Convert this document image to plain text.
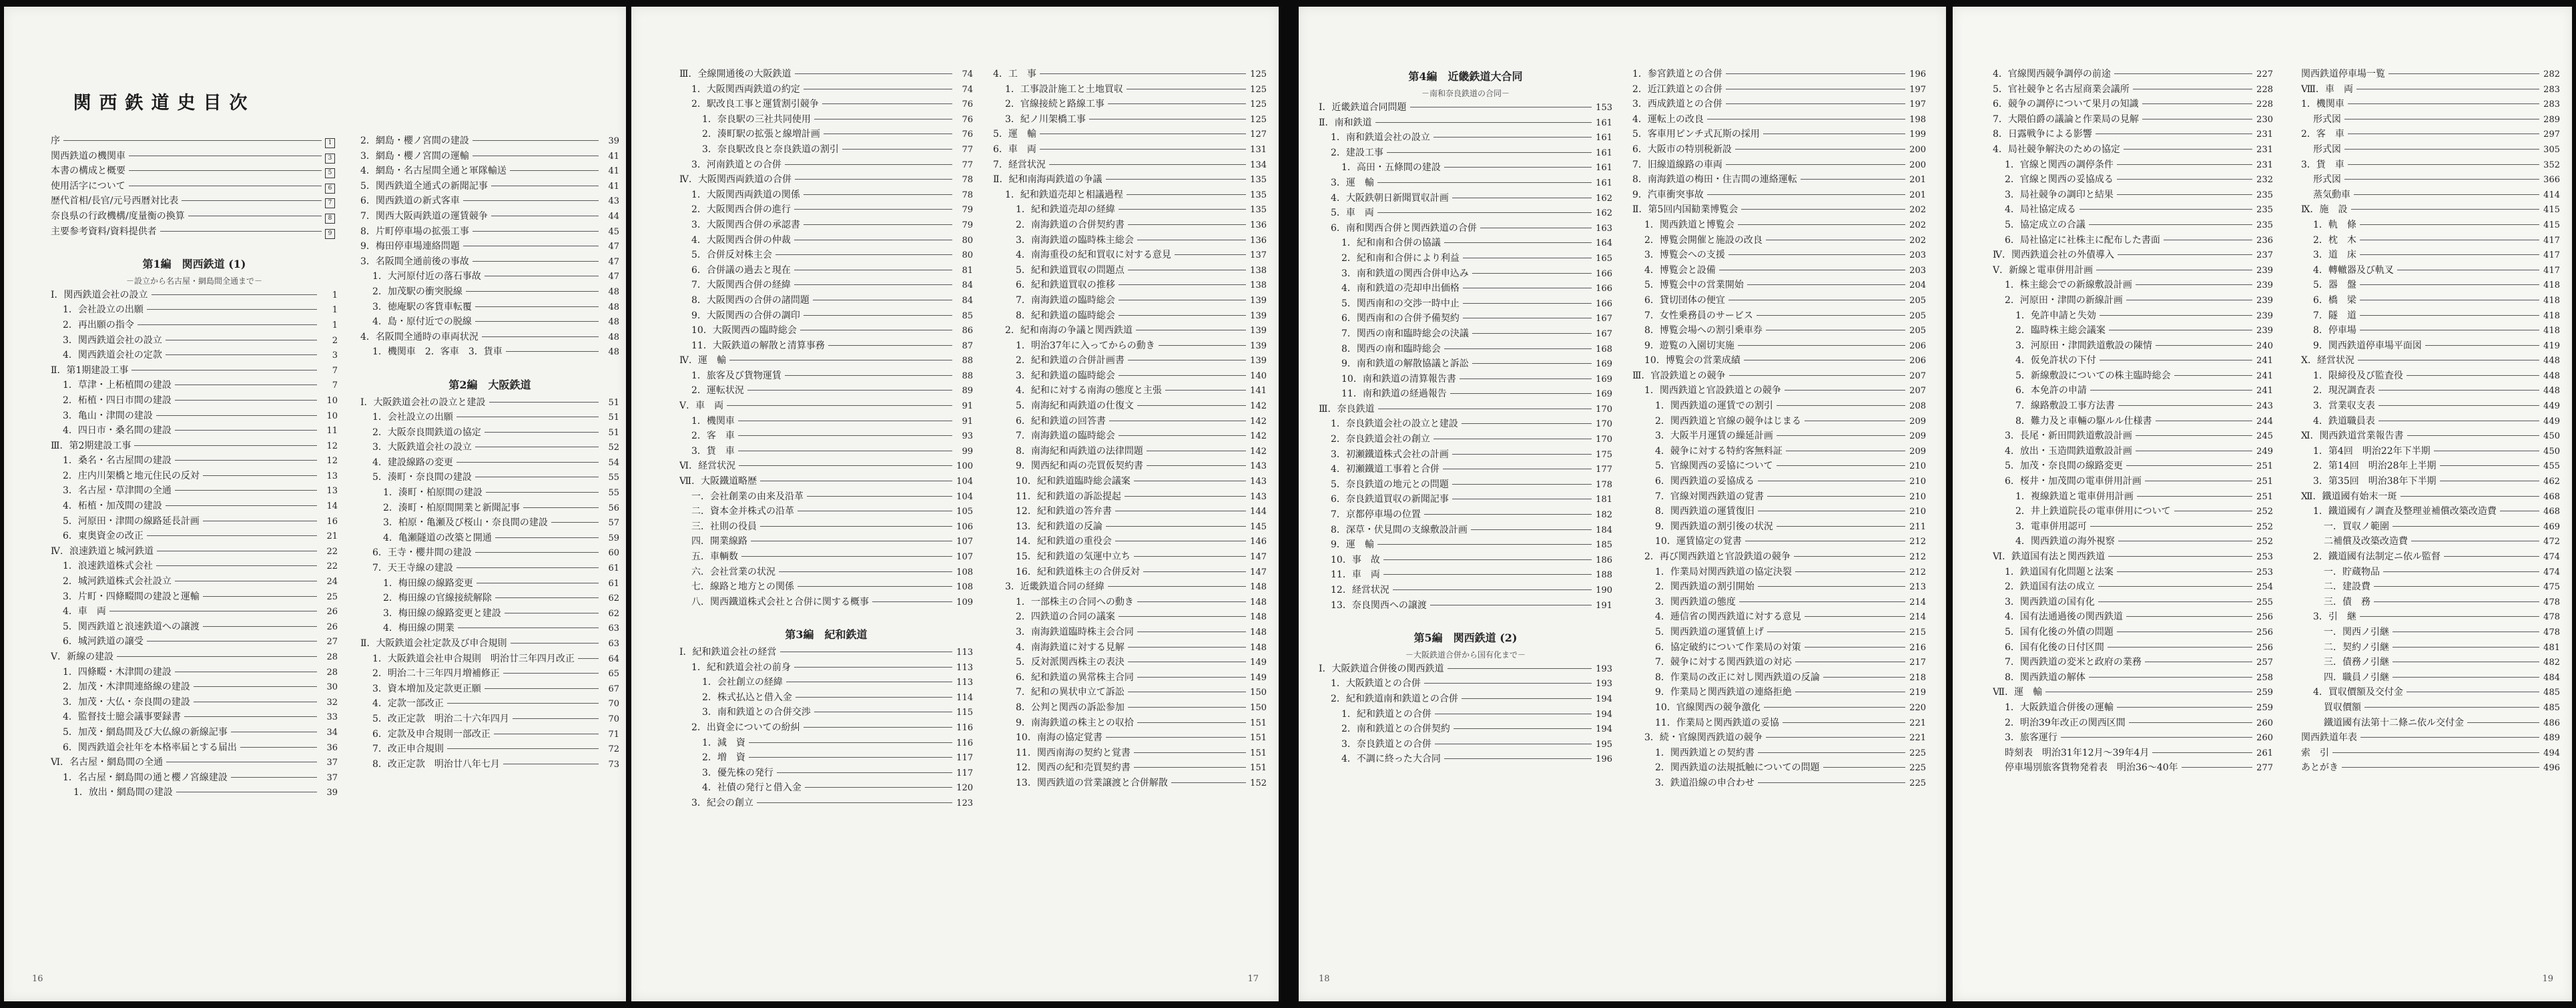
関西鉄道史目次
序	1
関西鉄道の機関車	3
本書の構成と概要	5
使用活字について	6
歴代首相/長官/元号西暦対比表	7
奈良県の行政機構/度量衡の換算	8
主要参考資料/資料提供者	9
第1編　関西鉄道 (1)
－設立から名古屋・網島間全通まで－
Ⅰ．関西鉄道会社の設立	1
1．会社設立の出願	1
2．再出願の指令	1
3．関西鉄道会社の設立	2
4．関西鉄道会社の定款	3
Ⅱ．第1期建設工事	7
1．草津・上柘植間の建設	7
2．柘植・四日市間の建設	10
3．亀山・津間の建設	10
4．四日市・桑名間の建設	11
Ⅲ．第2期建設工事	12
1．桑名・名古屋間の建設	12
2．庄内川架橋と地元住民の反対	13
3．名古屋・草津間の全通	13
4．柘植・加茂間の建設	14
5．河原田・津間の線路延長計画	16
6．東奥資金の改正	21
Ⅳ．浪速鉄道と城河鉄道	22
1．浪速鉄道株式会社	22
2．城河鉄道株式会社設立	24
3．片町・四條畷間の建設と運輸	25
4．車　両	26
5．関西鉄道と浪速鉄道への譲渡	26
6．城河鉄道の譲受	27
Ⅴ．新線の建設	28
1．四條畷・木津間の建設	28
2．加茂・木津間連絡線の建設	30
3．加茂・大仏・奈良間の建設	32
4．監督技士臆会議事要録書	33
5．加茂・網島間及び大仏線の新線記事	34
6．関西鉄道会社年を本格率届とする届出	36
Ⅵ．名古屋・網島間の全通	37
1．名古屋・網島間の通と櫻ノ宮線建設	37
1．放出・網島間の建設	39
2．網島・櫻ノ宮間の建設	39
3．網島・櫻ノ宮間の運輸	41
4．網島・名古屋間全通と軍隊輸送	41
5．関西鉄道全通式の新聞記事	41
6．関西鉄道の新式客車	43
7．関西大阪両鉄道の運賃競争	44
8．片町停車場の拡張工事	45
9．梅田停車場連絡問題	47
3．名阪間全通前後の事故	47
1．大河原付近の落石事故	47
2．加茂駅の衝突脱線	48
3．徳庵駅の客貨車転覆	48
4．島・原付近での脱線	48
4．名阪間全通時の車両状況	48
1．機関車　2．客車　3．貨車	48
第2編　大阪鉄道
Ⅰ．大阪鉄道会社の設立と建設	51
1．会社設立の出願	51
2．大阪奈良間鉄道の協定	51
3．大阪鉄道会社の設立	52
4．建設線路の変更	54
5．湊町・奈良間の建設	55
1．湊町・柏原間の建設	55
2．湊町・柏原間開業と新聞記事	56
3．柏原・亀瀬及び桜山・奈良間の建設	57
4．亀瀬隧道の改築と開通	59
6．王寺・櫻井間の建設	60
7．天王寺線の建設	61
1．梅田線の線路変更	61
2．梅田線の官線接続解除	62
3．梅田線の線路変更と建設	62
4．梅田線の開業	63
Ⅱ．大阪鉄道会社定款及び申合規則	63
1．大阪鉄道会社申合規則　明治廿三年四月改正	64
2．明治二十三年四月増補修正	65
3．資本増加及定款更正願	67
4．定款一部改正	70
5．改正定款　明治二十六年四月	70
6．定款及申合規則一部改正	71
7．改正申合規則	72
8．改正定款　明治廿八年七月	73
16
Ⅲ．全線開通後の大阪鉄道	74
1．大阪関西両鉄道の約定	74
2．駅改良工事と運賃割引競争	76
1．奈良駅の三社共同使用	76
2．湊町駅の拡張と線増計画	76
3．奈良駅改良と奈良鉄道の割引	77
3．河南鉄道との合併	77
Ⅳ．大阪関西両鉄道の合併	78
1．大阪関西両鉄道の関係	78
2．大阪関西合併の進行	79
3．大阪関西合併の承認書	79
4．大阪関西合併の仲裁	80
5．合併反対株主会	80
6．合併議の過去と現在	81
7．大阪関西合併の経緯	84
8．大阪関西の合併の諸問題	84
9．大阪関西の合併の調印	85
10．大阪関西の臨時総会	86
11．大阪鉄道の解散と清算事務	87
Ⅳ．運　輸	88
1．旅客及び貨物運賃	88
2．運転状況	89
Ⅴ．車　両	91
1．機関車	91
2．客　車	93
3．貨　車	99
Ⅵ．経営状況	100
Ⅶ．大阪鐵道略歴	104
一．会社創業の由来及沿革	104
二．資本金并株式の沿革	105
三．社則の役員	106
四．開業線路	107
五．車輌数	107
六．会社営業の状況	108
七．線路と地方との関係	108
八．関西鐵道株式会社と合併に関する概事	109
第3編　紀和鉄道
Ⅰ．紀和鉄道会社の経営	113
1．紀和鉄道会社の前身	113
1．会社創立の経緯	113
2．株式払込と借入金	114
3．南和鉄道との合併交渉	115
2．出資金についての紛糾	116
1．減　資	116
2．増　資	117
3．優先株の発行	117
4．社債の発行と借入金	120
3．紀会の創立	123
4．工　事	125
1．工事設計施工と土地買収	125
2．官線接続と路線工事	125
3．紀ノ川架橋工事	125
5．運　輸	127
6．車　両	131
7．経営状況	134
Ⅱ．紀和南海両鉄道の争議	135
1．紀和鉄道売却と相議過程	135
1．紀和鉄道売却の経緯	135
2．南海鉄道の合併契約書	136
3．南海鉄道の臨時株主総会	136
4．南海重役の紀和買収に対する意見	137
5．紀和鉄道買収の問題点	138
6．紀和鉄道買収の推移	138
7．南海鉄道の臨時総会	139
8．紀和鉄道の臨時総会	139
2．紀和南海の争議と関西鉄道	139
1．明治37年に入ってからの動き	139
2．紀和鉄道の合併計画書	139
3．紀和鉄道の臨時総会	140
4．紀和に対する南海の態度と主張	141
5．南海紀和両鉄道の仕復文	142
6．紀和鉄道の回答書	142
7．南海鉄道の臨時総会	142
8．南海紀和両鉄道の法律問題	142
9．関西紀和両の売買仮契約書	143
10．紀和鉄道臨時総会議案	143
11．紀和鉄道の訴訟提起	143
12．紀和鉄道の答弁書	144
13．紀和鉄道の反論	145
14．紀和鉄道の重役会	146
15．紀和鉄道の気運中立ち	147
16．紀和鉄道株主の合併反対	147
3．近畿鉄道合同の経緯	148
1．一部株主の合同への動き	148
2．四鉄道の合同の議案	148
3．南海鉄道臨時株主会合同	148
4．南海鉄道に対する見解	148
5．反対派関西株主の表決	149
6．紀和鉄道の異常株主合同	149
7．紀和の異状申立て訴訟	150
8．公判と関西の訴訟参加	150
9．南海鉄道の株主との収拾	151
10．南海の協定覚書	151
11．関西南海の契約と覚書	151
12．関西の紀和売買契約書	151
13．関西鉄道の営業譲渡と合併解散	152
17
第4編　近畿鉄道大合同
－南和奈良鉄道の合同－
Ⅰ．近畿鉄道合同問題	153
Ⅱ．南和鉄道	161
1．南和鉄道会社の設立	161
2．建設工事	161
1．高田・五條間の建設	161
3．運　輸	161
4．大阪鉄朝日新聞買収計画	162
5．車　両	162
6．南和関西合併と関西鉄道の合併	163
1．紀和南和合併の協議	164
2．紀和南和合併により利益	165
3．南和鉄道の関西合併申込み	166
4．南和鉄道の売却申出価格	166
5．関西南和の交渉一時中止	166
6．関西南和の合併予備契約	167
7．関西の南和臨時総会の決議	167
8．関西の南和臨時総会	168
9．南和鉄道の解散協議と訴訟	169
10．南和鉄道の清算報告書	169
11．南和鉄道の経過報告	169
Ⅲ．奈良鉄道	170
1．奈良鉄道会社の設立と建設	170
2．奈良鉄道会社の創立	170
3．初瀬鐵道株式会社の計画	175
4．初瀬鐵道工事着と合併	177
5．奈良鉄道の地元との問題	178
6．奈良鉄道買収の新聞記事	181
7．京都停車場の位置	182
8．深草・伏見間の支線敷設計画	184
9．運　輸	185
10．事　故	186
11．車　両	188
12．経営状況	190
13．奈良関西への譲渡	191
第5編　関西鉄道 (2)
－大阪鉄道合併から国有化まで－
Ⅰ．大阪鉄道合併後の関西鉄道	193
1．大阪鉄道との合併	193
2．紀和鉄道南和鉄道との合併	194
1．紀和鉄道との合併	194
2．南和鉄道との合併契約	194
3．奈良鉄道との合併	195
4．不調に終った大合同	196
1．参宮鉄道との合併	196
2．近江鉄道との合併	197
3．西成鉄道との合併	197
4．運転上の改良	198
5．客車用ピンチ式瓦斯の採用	199
6．大阪市の特別税新設	200
7．旧線道線路の車両	200
8．南海鉄道の梅田・住吉間の連絡運転	201
9．汽車衝突事故	201
Ⅱ．第5回内国勧業博覧会	202
1．関西鉄道と博覧会	202
2．博覧会開催と施設の改良	202
3．博覧会への支援	203
4．博覧会と設備	203
5．博覧会中の営業開始	204
6．貸切団体の便宜	205
7．女性乗務員のサービス	205
8．博覧会場への割引乗車券	205
9．遊覧の入園切実施	206
10．博覧会の営業成績	206
Ⅲ．官設鉄道との競争	207
1．関西鉄道と官設鉄道との競争	207
1．関西鉄道の運賃での割引	208
2．関西鉄道と官線の競争はじまる	209
3．大阪半月運賃の繰延計画	209
4．競争に対する特約客無料証	209
5．官線関西の妥協について	210
6．関西鉄道の妥協成る	210
7．官線対関西鉄道の覚書	210
8．関西鉄道の運賃復旧	210
9．関西鉄道の割引後の状況	211
10．運賃協定の覚書	212
2．再び関西鉄道と官設鉄道の競争	212
1．作業局対関西鉄道の協定決裂	212
2．関西鉄道の割引開始	213
3．関西鉄道の態度	214
4．逓信省の関西鉄道に対する意見	214
5．関西鉄道の運賃値上げ	215
6．協定破約について作業局の対策	216
7．競争に対する関西鉄道の対応	217
8．作業局の改正に対し関西鉄道の反論	218
9．作業局と関西鉄道の連絡拒絶	219
10．官線関西の競争激化	220
11．作業局と関西鉄道の妥協	221
3．続・官線関西鉄道の競争	221
1．関西鉄道との契約書	225
2．関西鉄道の法規抵触についての問題	225
3．鉄道沿線の申合わせ	225
18
4．官線関西競争調停の前途	227
5．官社競争と名古屋商業会議所	228
6．競争の調停について果月の知識	228
7．大隈伯爵の議論と作業局の見解	230
8．日露戦争による影響	231
4．局社競争解決のための協定	231
1．官線と関西の調停条件	231
2．官線と関西の妥協成る	232
3．局社競争の調印と結果	235
4．局社協定成る	235
5．協定成立の合議	235
6．局社協定に社株主に配布した書面	236
Ⅳ．関西鉄道会社の外債導入	237
Ⅴ．新線と電車併用計画	239
1．株主総会での新線敷設計画	239
2．河原田・津間の新線計画	239
1．免許申請と失効	239
2．臨時株主総会議案	239
3．河原田・津間鉄道敷設の陳情	240
4．仮免許状の下付	241
5．新線敷設についての株主臨時総会	241
6．本免許の申請	241
7．線路敷設工事方法書	243
8．難力及と車輛の駆ルル仕様書	244
3．長尾・新田間鉄道敷設計画	245
4．放出・玉造間鉄道敷設計画	249
5．加茂・奈良間の線路変更	251
6．桜井・加茂間の電車併用計画	251
1．複線鉄道と電車併用計画	251
2．井上鉄道院長の電車併用について	252
3．電車併用認可	252
4．関西鉄道の海外視察	252
Ⅵ．鉄道国有法と関西鉄道	253
1．鉄道国有化問題と法案	253
2．鉄道国有法の成立	254
3．関西鉄道の国有化	255
4．国有法通過後の関西鉄道	256
5．国有化後の外債の問題	256
6．国有化後の日付区間	256
7．関西鉄道の変米と政府の業務	257
8．関西鉄道の解体	258
Ⅶ．運　輸	259
1．大阪鉄道合併後の運輸	259
2．明治39年改正の関西区間	260
3．旅客運行	260
時刻表　明治31年12月～39年4月	261
停車場別旅客貨物発着表　明治36～40年	277
関西鉄道停車場一覧	282
Ⅷ．車　両	283
1．機関車	283
形式図	289
2．客　車	297
形式図	305
3．貨　車	352
形式図	366
蒸気動車	414
Ⅸ．施　設	415
1．軌　條	415
2．枕　木	417
3．道　床	417
4．轉轍器及び軌叉	417
5．器　盤	418
6．橋　梁	418
7．隧　道	418
8．停車場	418
9．関西鉄道停車場平面図	419
Ⅹ．経営状況	448
1．限締役及び監査役	448
2．現況調査表	448
3．営業収支表	449
4．鉄道職員表	449
Ⅺ．関西鉄道営業報告書	450
1．第4回　明治22年下半期	450
2．第14回　明治28年上半期	455
3．第35回　明治38年下半期	462
Ⅻ．鐵道國有始末一斑	468
1．鐵道國有ノ調査及整理並補償改築改造費	468
一．買収ノ範圍	469
二補償及改築改造費	472
2．鐵道國有法制定ニ依ル監督	474
一．貯蔵物品	474
二．建設費	475
三．債　務	478
3．引　継	478
一．関西ノ引継	478
二．契約ノ引継	481
三．債務ノ引継	482
四．職員ノ引継	484
4．買収價額及交付金	485
買収價額	485
鐵道國有法第十二條ニ依ル交付金	486
関西鉄道年表	489
索　引	494
あとがき	496
19
